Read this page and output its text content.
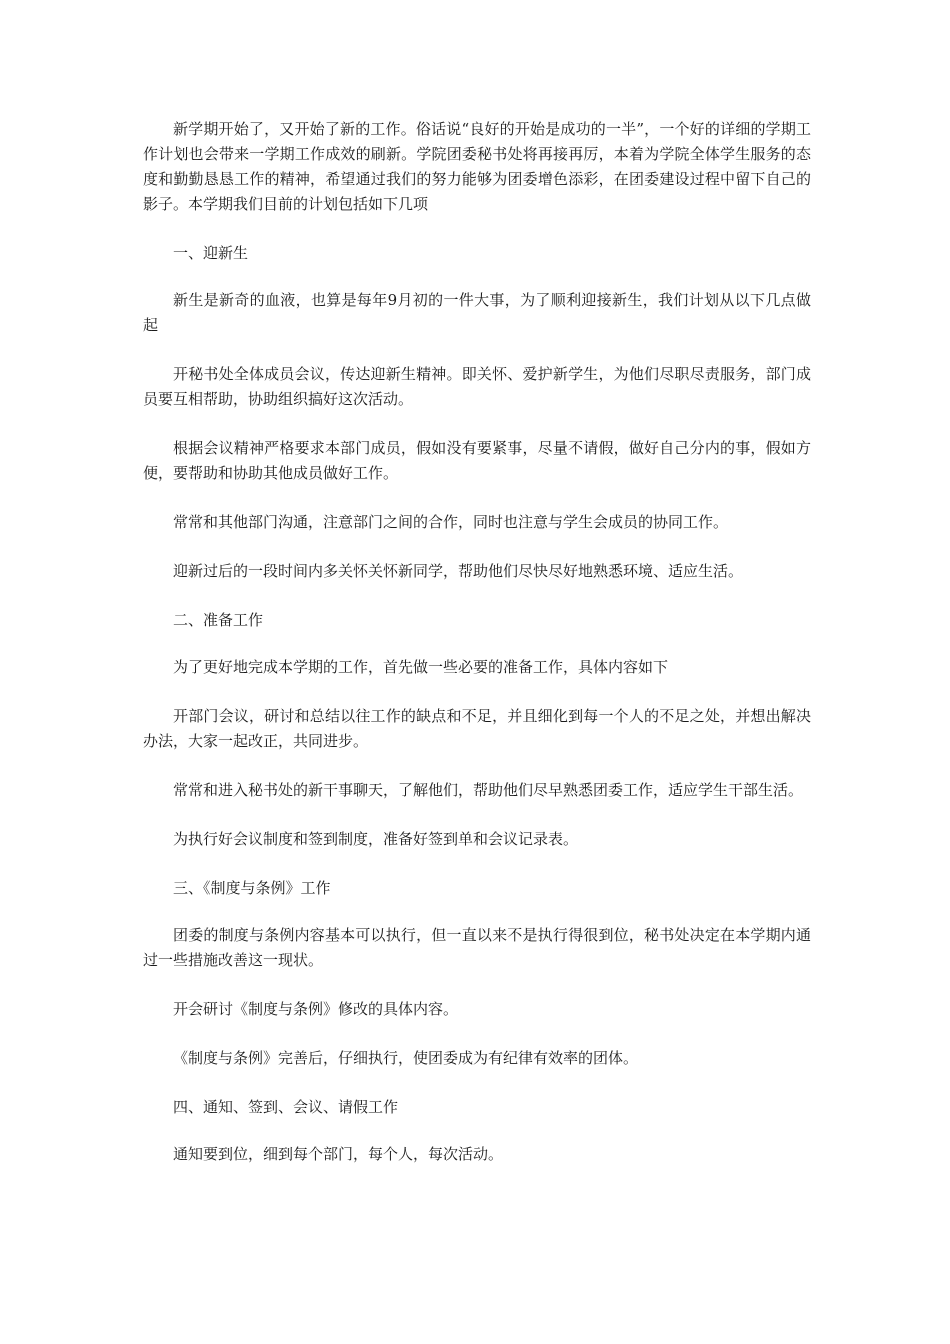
新学期开始了，又开始了新的工作。俗话说“良好的开始是成功的一半”，一个好的详细的学期工作计划也会带来一学期工作成效的刷新。学院团委秘书处将再接再厉，本着为学院全体学生服务的态度和勤勤恳恳工作的精神，希望通过我们的努力能够为团委增色添彩，在团委建设过程中留下自己的影子。本学期我们目前的计划包括如下几项

一、迎新生

新生是新奇的血液，也算是每年9月初的一件大事，为了顺利迎接新生，我们计划从以下几点做起

开秘书处全体成员会议，传达迎新生精神。即关怀、爱护新学生，为他们尽职尽责服务，部门成员要互相帮助，协助组织搞好这次活动。

根据会议精神严格要求本部门成员，假如没有要紧事，尽量不请假，做好自己分内的事，假如方便，要帮助和协助其他成员做好工作。

常常和其他部门沟通，注意部门之间的合作，同时也注意与学生会成员的协同工作。

迎新过后的一段时间内多关怀关怀新同学，帮助他们尽快尽好地熟悉环境、适应生活。

二、准备工作

为了更好地完成本学期的工作，首先做一些必要的准备工作，具体内容如下

开部门会议，研讨和总结以往工作的缺点和不足，并且细化到每一个人的不足之处，并想出解决办法，大家一起改正，共同进步。

常常和进入秘书处的新干事聊天，了解他们，帮助他们尽早熟悉团委工作，适应学生干部生活。

为执行好会议制度和签到制度，准备好签到单和会议记录表。

三、《制度与条例》工作

团委的制度与条例内容基本可以执行，但一直以来不是执行得很到位，秘书处决定在本学期内通过一些措施改善这一现状。

开会研讨《制度与条例》修改的具体内容。

《制度与条例》完善后，仔细执行，使团委成为有纪律有效率的团体。

四、通知、签到、会议、请假工作

通知要到位，细到每个部门，每个人，每次活动。
